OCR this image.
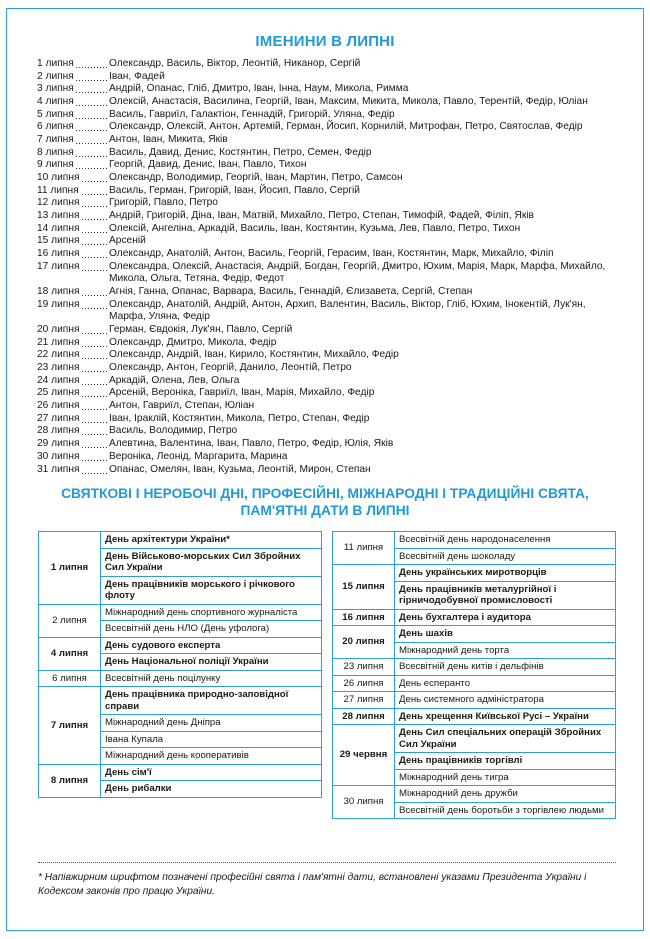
ІМЕНИНИ В ЛИПНІ
1 липня	Олександр, Василь, Віктор, Леонтій, Никанор, Сергій
2 липня	Іван, Фадей
3 липня	Андрій, Опанас, Гліб, Дмитро, Іван, Інна, Наум, Микола, Римма
4 липня	Олексій, Анастасія, Василина, Георгій, Іван, Максим, Микита, Микола, Павло, Терентій, Федір, Юліан
5 липня	Василь, Гавриїл, Галактіон, Геннадій, Григорій, Уляна, Федір
6 липня	Олександр, Олексій, Антон, Артемій, Герман, Йосип, Корнилій, Митрофан, Петро, Святослав, Федір
7 липня	Антон, Іван, Микита, Яків
8 липня	Василь, Давид, Денис, Костянтин, Петро, Семен, Федір
9 липня	Георгій, Давид, Денис, Іван, Павло, Тихон
10 липня	Олександр, Володимир, Георгій, Іван, Мартин, Петро, Самсон
11 липня	Василь, Герман, Григорій, Іван, Йосип, Павло, Сергій
12 липня	Григорій, Павло, Петро
13 липня	Андрій, Григорій, Діна, Іван, Матвій, Михайло, Петро, Степан, Тимофій, Фадей, Філіп, Яків
14 липня	Олексій, Ангеліна, Аркадій, Василь, Іван, Костянтин, Кузьма, Лев, Павло, Петро, Тихон
15 липня	Арсеній
16 липня	Олександр, Анатолій, Антон, Василь, Георгій, Герасим, Іван, Костянтин, Марк, Михайло, Філіп
17 липня	Олександра, Олексій, Анастасія, Андрій, Богдан, Георгій, Дмитро, Юхим, Марія, Марк, Марфа, Михайло, Микола, Ольга, Тетяна, Федір, Федот
18 липня	Агнія, Ганна, Опанас, Варвара, Василь, Геннадій, Єлизавета, Сергій, Степан
19 липня	Олександр, Анатолій, Андрій, Антон, Архип, Валентин, Василь, Віктор, Гліб, Юхим, Інокентій, Лук'ян, Марфа, Уляна, Федір
20 липня	Герман, Євдокія, Лук'ян, Павло, Сергій
21 липня	Олександр, Дмитро, Микола, Федір
22 липня	Олександр, Андрій, Іван, Кирило, Костянтин, Михайло, Федір
23 липня	Олександр, Антон, Георгій, Данило, Леонтій, Петро
24 липня	Аркадій, Олена, Лев, Ольга
25 липня	Арсеній, Вероніка, Гавриїл, Іван, Марія, Михайло, Федір
26 липня	Антон, Гавриїл, Степан, Юліан
27 липня	Іван, Іраклій, Костянтин, Микола, Петро, Степан, Федір
28 липня	Василь, Володимир, Петро
29 липня	Алевтина, Валентина, Іван, Павло, Петро, Федір, Юлія, Яків
30 липня	Вероніка, Леонід, Маргарита, Марина
31 липня	Опанас, Омелян, Іван, Кузьма, Леонтій, Мирон, Степан
СВЯТКОВІ І НЕРОБОЧІ ДНІ, ПРОФЕСІЙНІ, МІЖНАРОДНІ І ТРАДИЦІЙНІ СВЯТА, ПАМ'ЯТНІ ДАТИ В ЛИПНІ
1 липня	День архітектури України*
	День Військово-морських Сил Збройних Сил України
	День працівників морського і річкового флоту
2 липня	Міжнародний день спортивного журналіста
	Всесвітній день НЛО (День уфолога)
4 липня	День судового експерта
	День Національної поліції України
6 липня	Всесвітній день поцілунку
7 липня	День працівника природно-заповідної справи
	Міжнародний день Дніпра
	Івана Купала
	Міжнародний день кооперативів
8 липня	День сім'ї
	День рибалки
11 липня	Всесвітній день народонаселення
	Всесвітній день шоколаду
15 липня	День українських миротворців
	День працівників металургійної і гірничодобувної промисловості
16 липня	День бухгалтера і аудитора
20 липня	День шахів
	Міжнародний день торта
23 липня	Всесвітній день китів і дельфінів
26 липня	День есперанто
27 липня	День системного адміністратора
28 липня	День хрещення Київської Русі – України
29 червня	День Сил спеціальних операцій Збройних Сил України
	День працівників торгівлі
	Міжнародний день тигра
30 липня	Міжнародний день дружби
	Всесвітній день боротьби з торгівлею людьми
* Напівжирним шрифтом позначені професійні свята і пам'ятні дати, встановлені указами Президента України і Кодексом законів про працю України.
